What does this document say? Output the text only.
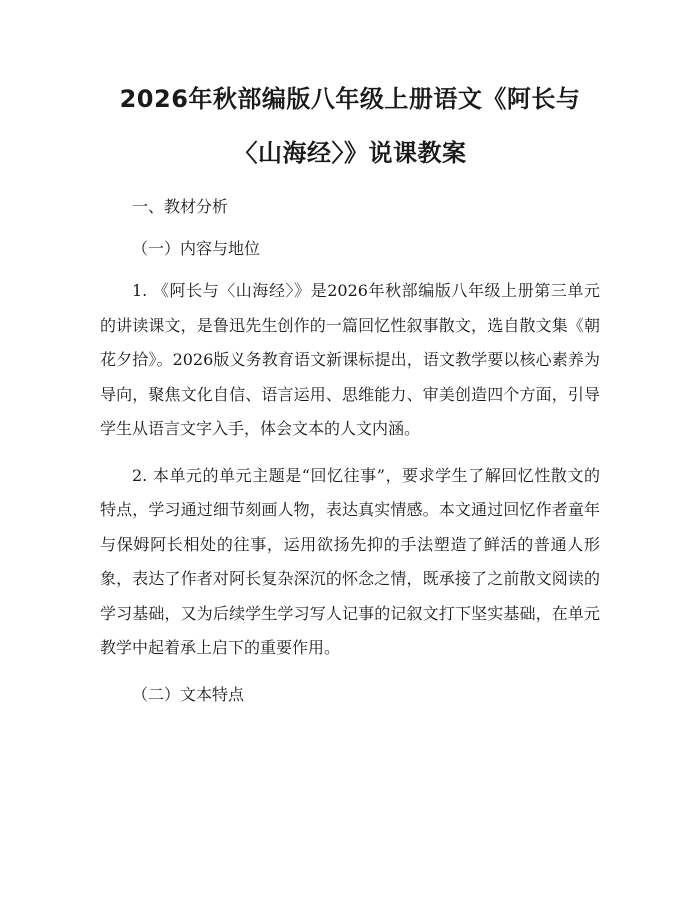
2026年秋部编版八年级上册语文《阿长与
〈山海经〉》说课教案

一、教材分析

（一）内容与地位

1. 《阿长与〈山海经〉》是2026年秋部编版八年级上册第三单元的讲读课文，是鲁迅先生创作的一篇回忆性叙事散文，选自散文集《朝花夕拾》。2026版义务教育语文新课标提出，语文教学要以核心素养为导向，聚焦文化自信、语言运用、思维能力、审美创造四个方面，引导学生从语言文字入手，体会文本的人文内涵。

2. 本单元的单元主题是“回忆往事”，要求学生了解回忆性散文的特点，学习通过细节刻画人物，表达真实情感。本文通过回忆作者童年与保姆阿长相处的往事，运用欲扬先抑的手法塑造了鲜活的普通人形象，表达了作者对阿长复杂深沉的怀念之情，既承接了之前散文阅读的学习基础，又为后续学生学习写人记事的记叙文打下坚实基础，在单元教学中起着承上启下的重要作用。

（二）文本特点
